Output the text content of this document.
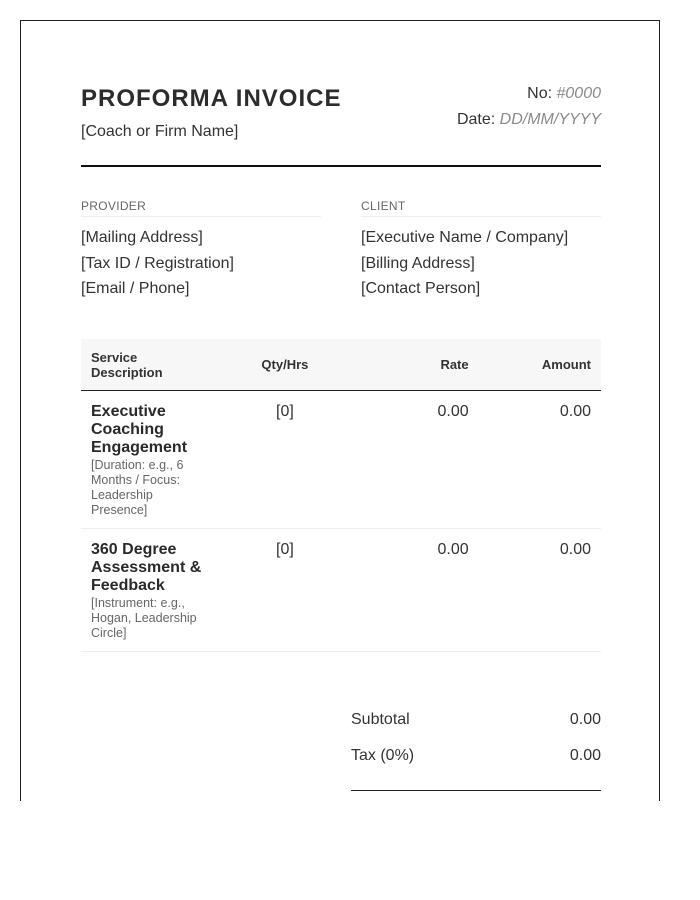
PROFORMA INVOICE
[Coach or Firm Name]
No: #0000
Date: DD/MM/YYYY
PROVIDER
[Mailing Address]
[Tax ID / Registration]
[Email / Phone]
CLIENT
[Executive Name / Company]
[Billing Address]
[Contact Person]
Service Description	Qty/Hrs	Rate	Amount

Executive Coaching Engagement
[Duration: e.g., 6 Months / Focus: Leadership Presence]	[0]	0.00	0.00

360 Degree Assessment & Feedback
[Instrument: e.g., Hogan, Leadership Circle]	[0]	0.00	0.00
Subtotal	0.00
Tax (0%)	0.00
